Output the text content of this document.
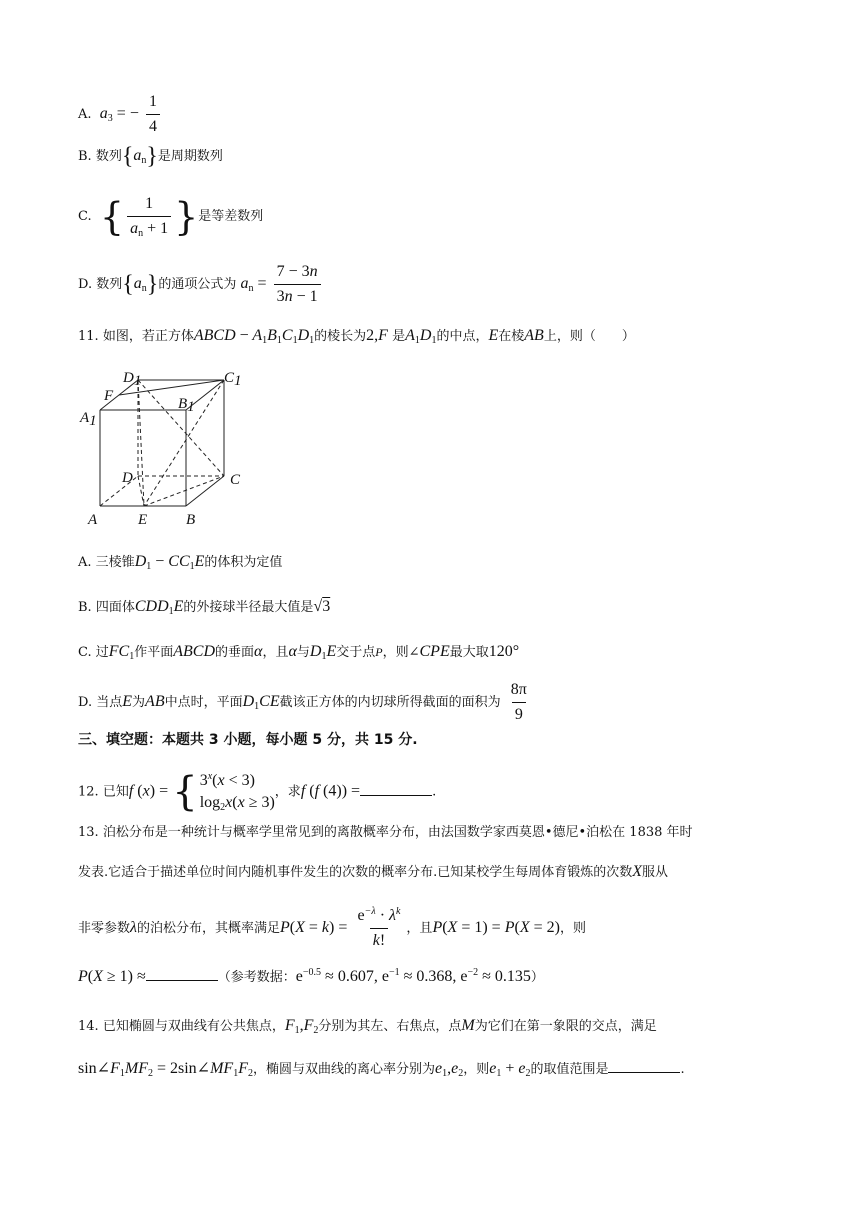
A. $a_3$ = − $\frac{1}{4}$
B. 数列$\{a_n\}$是周期数列
C. { $\frac{1}{a_n + 1}$ }是等差数列
D. 数列$\{a_n\}$的通项公式为 $a_n = \frac{7 - 3n}{3n - 1}$
11. 如图，若正方体ABCD − $A_1B_1C_1D_1$的棱长为2,F 是$A_1D_1$的中点，E在棱AB上，则（　　）
D1	C1
A1
B1
F
D	C
A	E	B
A. 三棱锥$D_1 - CC_1E$的体积为定值
B. 四面体$CDD_1E$的外接球半径最大值是√3
C. 过$FC_1$作平面ABCD的垂面α，且α与$D_1E$交于点P，则∠CPE最大取120°
D. 当点E为AB中点时，平面$D_1CE$截该正方体的内切球所得截面的面积为 $\frac{8\pi}{9}$
三、填空题：本题共 3 小题，每小题 5 分，共 15 分.
12. 已知f (x) = { $3^x(x < 3)$
$\log_2x(x \ge 3)$
，求f (f (4)) =	.
13. 泊松分布是一种统计与概率学里常见到的离散概率分布，由法国数学家西莫恩•德尼•泊松在 1838 年时
发表.它适合于描述单位时间内随机事件发生的次数的概率分布.已知某校学生每周体育锻炼的次数X服从
非零参数λ的泊松分布，其概率满足$P(X = k) = \frac{e^{-\lambda} \cdot \lambda^k}{k!}$ ，且P(X = 1) = P(X = 2)，则
P(X ≥ 1) ≈	（参考数据：$e^{-0.5} \approx 0.607$, $e^{-1} \approx 0.368$, $e^{-2} \approx 0.135$）
14. 已知椭圆与双曲线有公共焦点，$F_1,F_2$分别为其左、右焦点，点M为它们在第一象限的交点，满足
$\sin\angle F_1MF_2$ = $2\sin\angle MF_1F_2$，椭圆与双曲线的离心率分别为$e_1,e_2$，则$e_1 + e_2$的取值范围是	.
